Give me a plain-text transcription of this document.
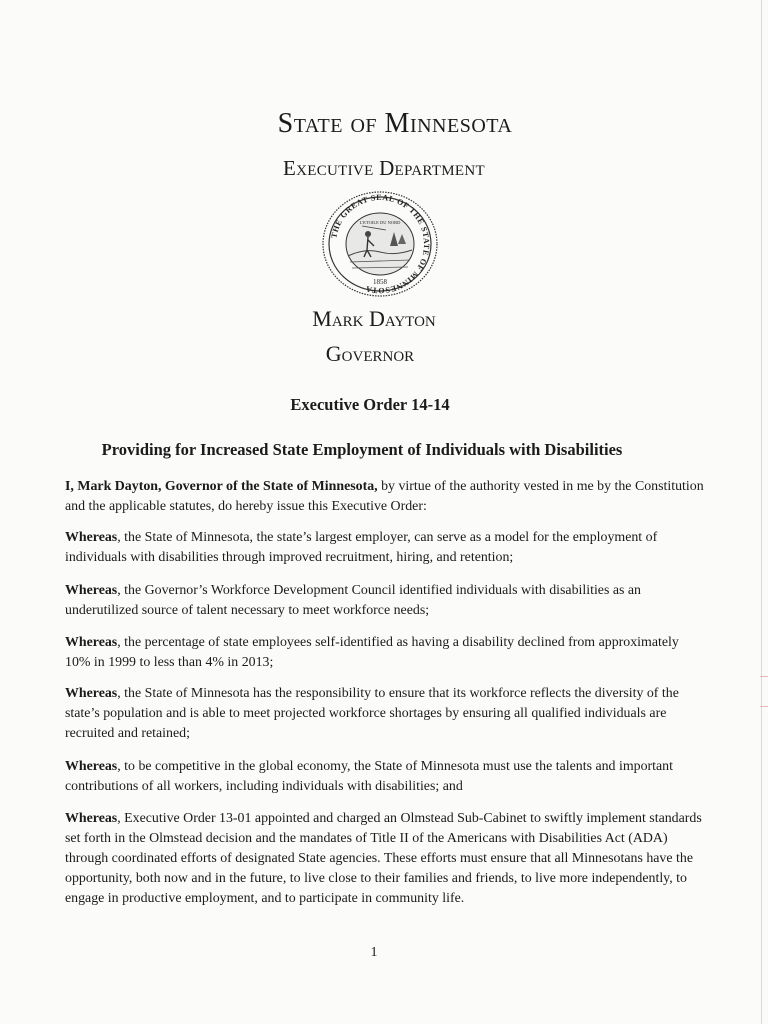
State of Minnesota
Executive Department
THE GREAT SEAL OF THE STATE OF MINNESOTA
L'ETOILE DU NORD
1858
Mark Dayton
Governor
Executive Order 14-14
Providing for Increased State Employment of Individuals with Disabilities

I, Mark Dayton, Governor of the State of Minnesota, by virtue of the authority vested in me by the Constitution and the applicable statutes, do hereby issue this Executive Order:

Whereas, the State of Minnesota, the state’s largest employer, can serve as a model for the employment of individuals with disabilities through improved recruitment, hiring, and retention;

Whereas, the Governor’s Workforce Development Council identified individuals with disabilities as an underutilized source of talent necessary to meet workforce needs;

Whereas, the percentage of state employees self-identified as having a disability declined from approximately 10% in 1999 to less than 4% in 2013;

Whereas, the State of Minnesota has the responsibility to ensure that its workforce reflects the diversity of the state’s population and is able to meet projected workforce shortages by ensuring all qualified individuals are recruited and retained;

Whereas, to be competitive in the global economy, the State of Minnesota must use the talents and important contributions of all workers, including individuals with disabilities; and

Whereas, Executive Order 13-01 appointed and charged an Olmstead Sub-Cabinet to swiftly implement standards set forth in the Olmstead decision and the mandates of Title II of the Americans with Disabilities Act (ADA) through coordinated efforts of designated State agencies. These efforts must ensure that all Minnesotans have the opportunity, both now and in the future, to live close to their families and friends, to live more independently, to engage in productive employment, and to participate in community life.

1
